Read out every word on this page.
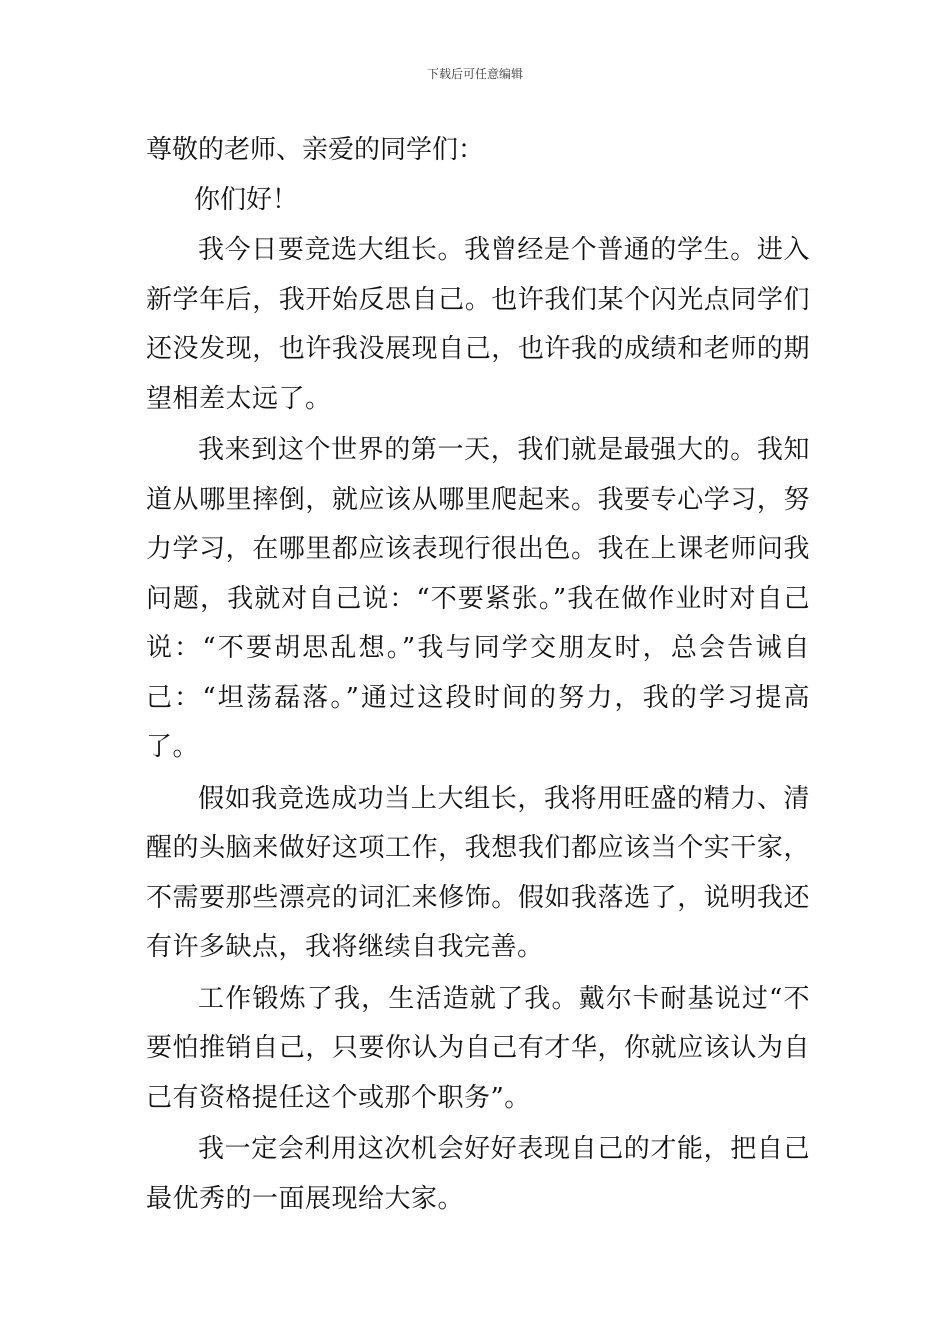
下载后可任意编辑

尊敬的老师、亲爱的同学们：

你们好！

我今日要竞选大组长。我曾经是个普通的学生。进入新学年后，我开始反思自己。也许我们某个闪光点同学们还没发现，也许我没展现自己，也许我的成绩和老师的期望相差太远了。

我来到这个世界的第一天，我们就是最强大的。我知道从哪里摔倒，就应该从哪里爬起来。我要专心学习，努力学习，在哪里都应该表现行很出色。我在上课老师问我问题，我就对自己说：“不要紧张。”我在做作业时对自己说：“不要胡思乱想。”我与同学交朋友时，总会告诫自己：“坦荡磊落。”通过这段时间的努力，我的学习提高了。

假如我竞选成功当上大组长，我将用旺盛的精力、清醒的头脑来做好这项工作，我想我们都应该当个实干家，不需要那些漂亮的词汇来修饰。假如我落选了，说明我还有许多缺点，我将继续自我完善。

工作锻炼了我，生活造就了我。戴尔卡耐基说过“不要怕推销自己，只要你认为自己有才华，你就应该认为自己有资格提任这个或那个职务”。

我一定会利用这次机会好好表现自己的才能，把自己最优秀的一面展现给大家。
